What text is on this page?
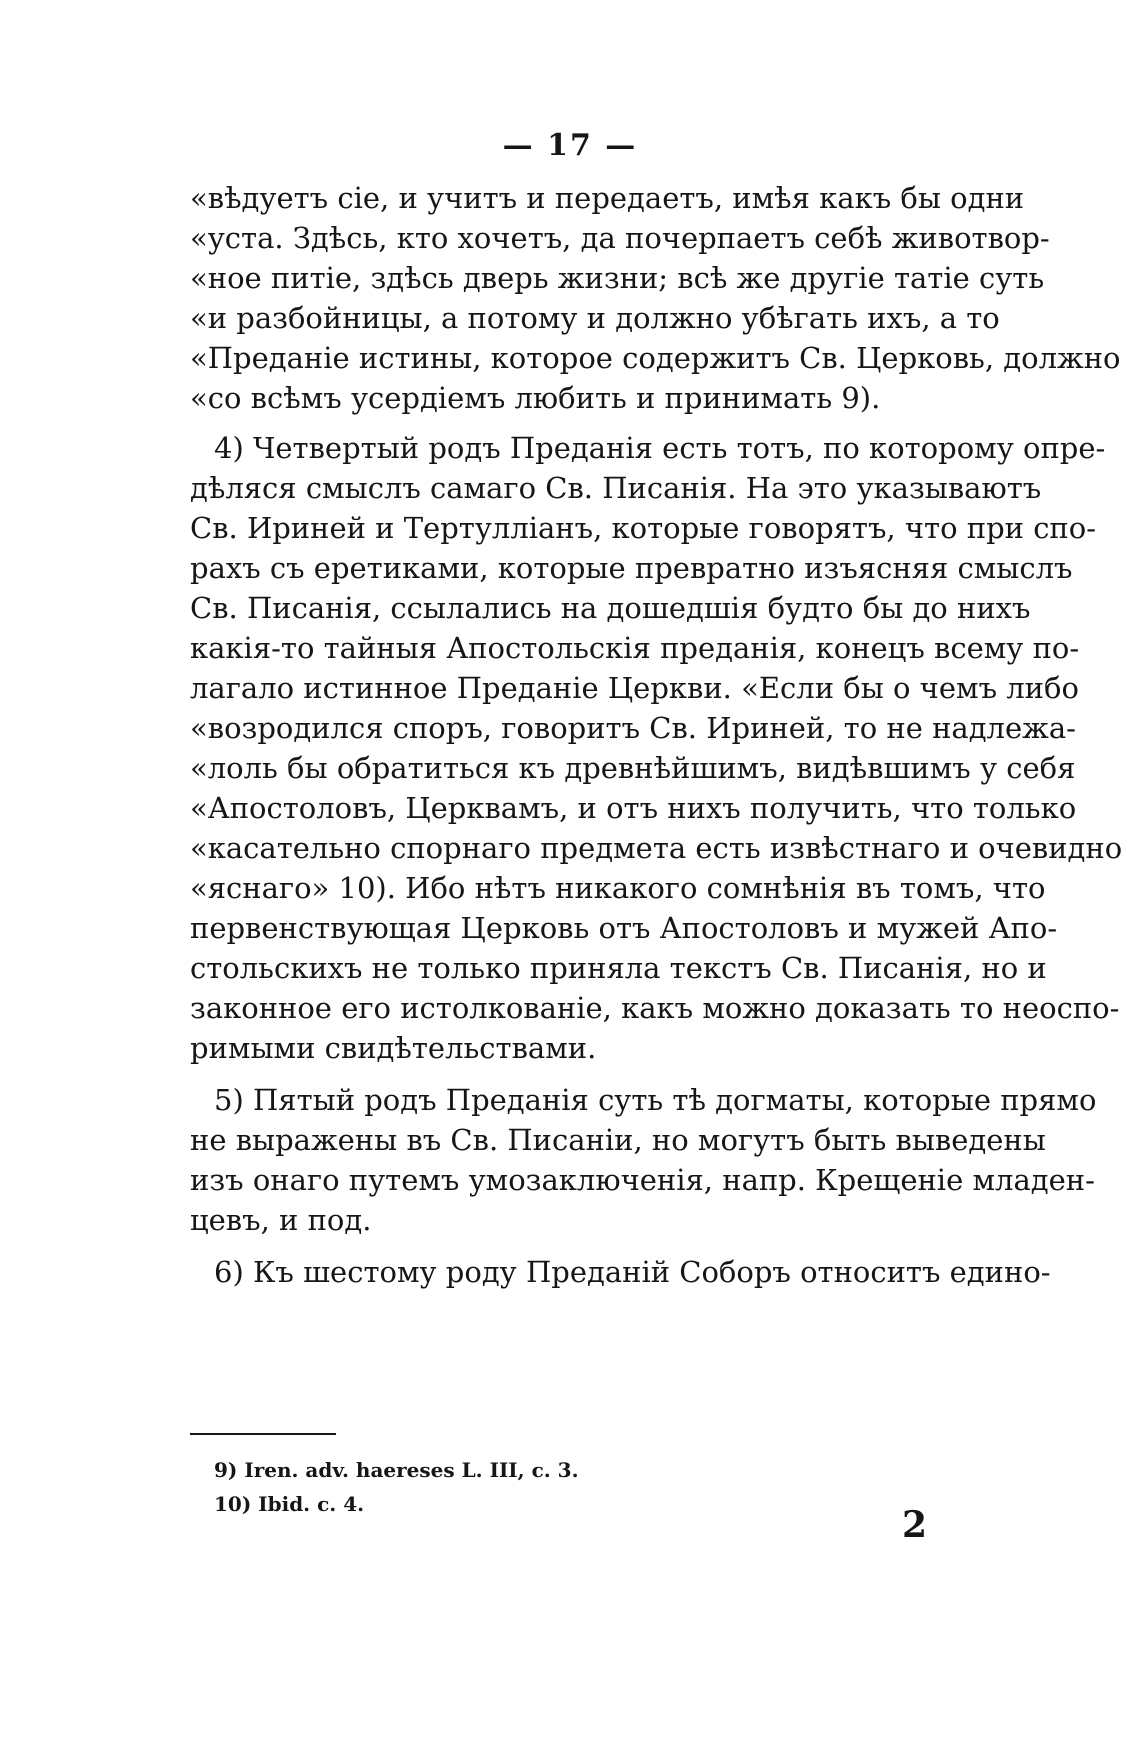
— 17 —
«вѣдуетъ сіе, и учитъ и передаетъ, имѣя какъ бы одни
«уста. Здѣсь, кто хочетъ, да почерпаетъ себѣ животвор-
«ное питіе, здѣсь дверь жизни; всѣ же другіе татіе суть
«и разбойницы, а потому и должно убѣгать ихъ, а то
«Преданіе истины, которое содержитъ Св. Церковь, должно
«со всѣмъ усердіемъ любить и принимать 9).
4) Четвертый родъ Преданія есть тотъ, по которому опре-
дѣляся смыслъ самаго Св. Писанія. На это указываютъ
Св. Ириней и Тертулліанъ, которые говорятъ, что при спо-
рахъ съ еретиками, которые превратно изъясняя смыслъ
Св. Писанія, ссылались на дошедшія будто бы до нихъ
какія-то тайныя Апостольскія преданія, конецъ всему по-
лагало истинное Преданіе Церкви. «Если бы о чемъ либо
«возродился споръ, говоритъ Св. Ириней, то не надлежа-
«лоль бы обратиться къ древнѣйшимъ, видѣвшимъ у себя
«Апостоловъ, Церквамъ, и отъ нихъ получить, что только
«касательно спорнаго предмета есть извѣстнаго и очевидно
«яснаго» 10). Ибо нѣтъ никакого сомнѣнія въ томъ, что
первенствующая Церковь отъ Апостоловъ и мужей Апо-
стольскихъ не только приняла текстъ Св. Писанія, но и
законное его истолкованіе, какъ можно доказать то неоспо-
римыми свидѣтельствами.
5) Пятый родъ Преданія суть тѣ догматы, которые прямо
не выражены въ Св. Писаніи, но могутъ быть выведены
изъ онаго путемъ умозаключенія, напр. Крещеніе младен-
цевъ, и под.
6) Къ шестому роду Преданій Соборъ относитъ едино-
9) Iren. adv. haereses L. III, c. 3.
10) Ibid. c. 4.	2
